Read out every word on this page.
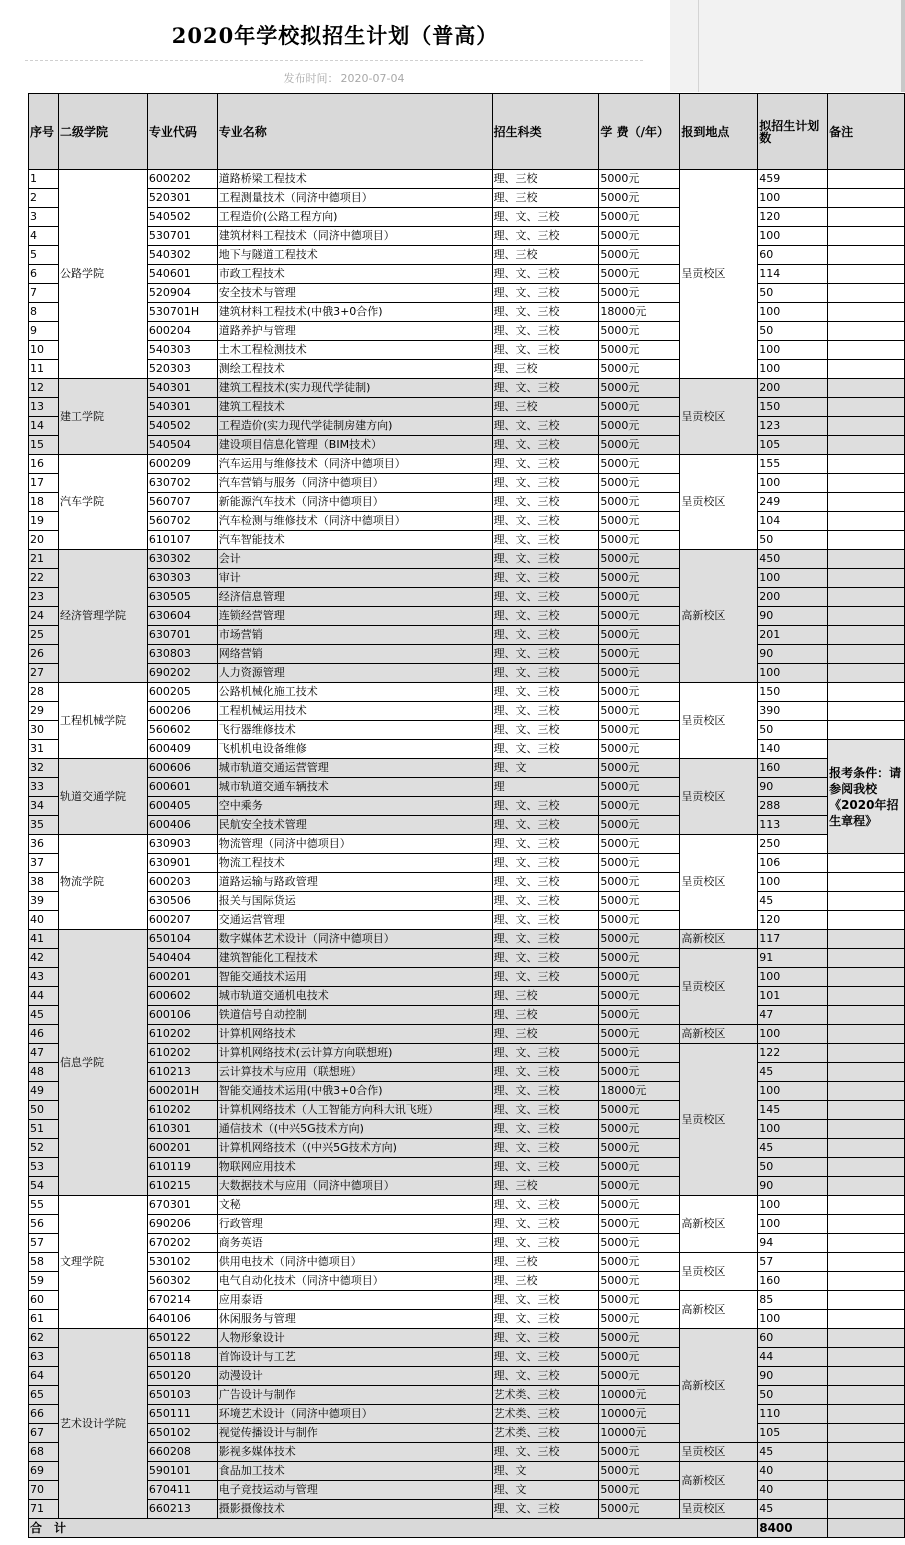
2020年学校拟招生计划（普高）
发布时间： 2020-07-04
序号	二级学院	专业代码	专业名称	招生科类	学 费（/年）	报到地点	拟招生计划数	备注
1	公路学院	600202	道路桥梁工程技术	理、三校	5000元	呈贡校区	459	
2		520301	工程测量技术（同济中德项目）	理、三校	5000元		100	
3		540502	工程造价(公路工程方向)	理、文、三校	5000元		120	
4		530701	建筑材料工程技术（同济中德项目）	理、文、三校	5000元		100	
5		540302	地下与隧道工程技术	理、三校	5000元		60	
6		540601	市政工程技术	理、文、三校	5000元		114	
7		520904	安全技术与管理	理、文、三校	5000元		50	
8		530701H	建筑材料工程技术(中俄3+0合作)	理、文、三校	18000元		100	
9		600204	道路养护与管理	理、文、三校	5000元		50	
10		540303	土木工程检测技术	理、文、三校	5000元		100	
11		520303	测绘工程技术	理、三校	5000元		100	
12	建工学院	540301	建筑工程技术(实力现代学徒制)	理、文、三校	5000元	呈贡校区	200	
13		540301	建筑工程技术	理、三校	5000元		150	
14		540502	工程造价(实力现代学徒制房建方向)	理、文、三校	5000元		123	
15		540504	建设项目信息化管理（BIM技术）	理、文、三校	5000元		105	
16	汽车学院	600209	汽车运用与维修技术（同济中德项目）	理、文、三校	5000元	呈贡校区	155	
17		630702	汽车营销与服务（同济中德项目）	理、文、三校	5000元		100	
18		560707	新能源汽车技术（同济中德项目）	理、文、三校	5000元		249	
19		560702	汽车检测与维修技术（同济中德项目）	理、文、三校	5000元		104	
20		610107	汽车智能技术	理、文、三校	5000元		50	
21	经济管理学院	630302	会计	理、文、三校	5000元	高新校区	450	
22		630303	审计	理、文、三校	5000元		100	
23		630505	经济信息管理	理、文、三校	5000元		200	
24		630604	连锁经营管理	理、文、三校	5000元		90	
25		630701	市场营销	理、文、三校	5000元		201	
26		630803	网络营销	理、文、三校	5000元		90	
27		690202	人力资源管理	理、文、三校	5000元		100	
28	工程机械学院	600205	公路机械化施工技术	理、文、三校	5000元	呈贡校区	150	
29		600206	工程机械运用技术	理、文、三校	5000元		390	
30		560602	飞行器维修技术	理、文、三校	5000元		50	
31		600409	飞机机电设备维修	理、文、三校	5000元		140	报考条件：请参阅我校《2020年招生章程》
32	轨道交通学院	600606	城市轨道交通运营管理	理、文	5000元	呈贡校区	160	
33		600601	城市轨道交通车辆技术	理	5000元		90	
34		600405	空中乘务	理、文、三校	5000元		288	
35		600406	民航安全技术管理	理、文、三校	5000元		113	
36	物流学院	630903	物流管理（同济中德项目）	理、文、三校	5000元	呈贡校区	250	
37		630901	物流工程技术	理、文、三校	5000元		106	
38		600203	道路运输与路政管理	理、文、三校	5000元		100	
39		630506	报关与国际货运	理、文、三校	5000元		45	
40		600207	交通运营管理	理、文、三校	5000元		120	
41	信息学院	650104	数字媒体艺术设计（同济中德项目）	理、文、三校	5000元	高新校区	117	
42		540404	建筑智能化工程技术	理、文、三校	5000元	呈贡校区	91	
43		600201	智能交通技术运用	理、文、三校	5000元		100	
44		600602	城市轨道交通机电技术	理、三校	5000元		101	
45		600106	铁道信号自动控制	理、三校	5000元		47	
46		610202	计算机网络技术	理、三校	5000元	高新校区	100	
47		610202	计算机网络技术(云计算方向联想班)	理、文、三校	5000元	呈贡校区	122	
48		610213	云计算技术与应用（联想班）	理、文、三校	5000元		45	
49		600201H	智能交通技术运用(中俄3+0合作)	理、文、三校	18000元		100	
50		610202	计算机网络技术（人工智能方向科大讯飞班）	理、文、三校	5000元		145	
51		610301	通信技术（(中兴5G技术方向)	理、文、三校	5000元		100	
52		600201	计算机网络技术（(中兴5G技术方向)	理、文、三校	5000元		45	
53		610119	物联网应用技术	理、文、三校	5000元		50	
54		610215	大数据技术与应用（同济中德项目）	理、三校	5000元		90	
55	文理学院	670301	文秘	理、文、三校	5000元	高新校区	100	
56		690206	行政管理	理、文、三校	5000元		100	
57		670202	商务英语	理、文、三校	5000元		94	
58		530102	供用电技术（同济中德项目）	理、三校	5000元	呈贡校区	57	
59		560302	电气自动化技术（同济中德项目）	理、三校	5000元		160	
60		670214	应用泰语	理、文、三校	5000元	高新校区	85	
61		640106	休闲服务与管理	理、文、三校	5000元		100	
62	艺术设计学院	650122	人物形象设计	理、文、三校	5000元	高新校区	60	
63		650118	首饰设计与工艺	理、文、三校	5000元		44	
64		650120	动漫设计	理、文、三校	5000元		90	
65		650103	广告设计与制作	艺术类、三校	10000元		50	
66		650111	环境艺术设计（同济中德项目）	艺术类、三校	10000元		110	
67		650102	视觉传播设计与制作	艺术类、三校	10000元		105	
68		660208	影视多媒体技术	理、文、三校	5000元	呈贡校区	45	
69		590101	食品加工技术	理、文	5000元	高新校区	40	
70		670411	电子竞技运动与管理	理、文	5000元		40	
71		660213	摄影摄像技术	理、文、三校	5000元	呈贡校区	45	
合　计							8400	
